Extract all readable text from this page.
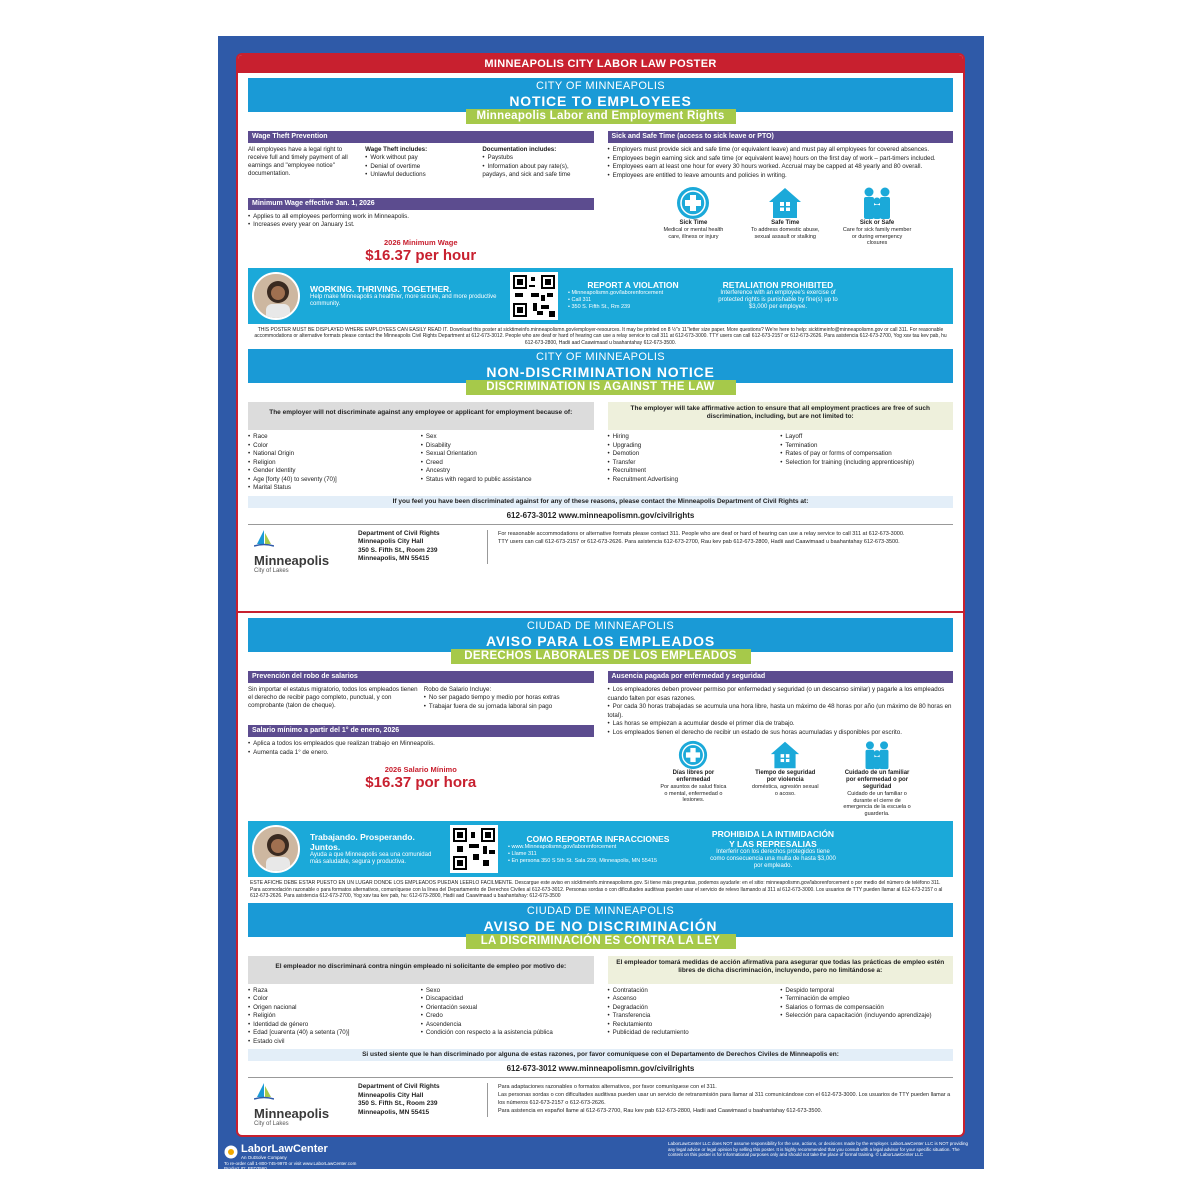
MINNEAPOLIS CITY LABOR LAW POSTER
CITY OF MINNEAPOLIS
NOTICE TO EMPLOYEES
Minneapolis Labor and Employment Rights
Wage Theft Prevention
All employees have a legal right to receive full and timely payment of all earnings and "employee notice" documentation.
Wage Theft includes:
• Work without pay
• Denial of overtime
• Unlawful deductions
Documentation includes:
• Paystubs
• Information about pay rate(s), paydays, and sick and safe time
Minimum Wage effective Jan. 1, 2026
• Applies to all employees performing work in Minneapolis.
• Increases every year on January 1st.
2026 Minimum Wage
$16.37 per hour
Sick and Safe Time (access to sick leave or PTO)
• Employers must provide sick and safe time (or equivalent leave) and must pay all employees for covered absences.
• Employees begin earning sick and safe time (or equivalent leave) hours on the first day of work – part-timers included.
• Employees earn at least one hour for every 30 hours worked. Accrual may be capped at 48 yearly and 80 overall.
• Employees are entitled to leave amounts and policies in writing.
Sick Time
Medical or mental health care, illness or injury
Safe Time
To address domestic abuse, sexual assault or stalking
Sick or Safe
Care for sick family member or during emergency closures
WORKING. THRIVING. TOGETHER.
Help make Minneapolis a healthier, more secure, and more productive community.
REPORT A VIOLATION
• Minneapolismn.gov/laborenforcement
• Call 311
• 350 S. Fifth St., Rm 239
RETALIATION PROHIBITED
Interference with an employee's exercise of protected rights is punishable by fine(s) up to $3,000 per employee.
THIS POSTER MUST BE DISPLAYED WHERE EMPLOYEES CAN EASILY READ IT. Download this poster at sicktimeinfo.minneapolismn.gov/employer-resources. It may be printed on 8 ½"x 11"letter size paper. More questions? We're here to help: sicktimeinfo@minneapolismn.gov or call 311. For reasonable accommodations or alternative formats please contact the Minneapolis Civil Rights Department at 612-673-3012. People who are deaf or hard of hearing can use a relay service to call 311 at 612-673-3000. TTY users can call 612-673-2157 or 612-673-2626. Para asistencia 612-673-2700, Yog xav tau kev pab, hu 612-673-2800, Hadii aad Caawimaad u baahantahay 612-673-3500.
CITY OF MINNEAPOLIS
NON-DISCRIMINATION NOTICE
DISCRIMINATION IS AGAINST THE LAW
The employer will not discriminate against any employee or applicant for employment because of:
• Race
• Color
• National Origin
• Religion
• Gender Identity
• Age [forty (40) to seventy (70)]
• Marital Status
• Sex
• Disability
• Sexual Orientation
• Creed
• Ancestry
• Status with regard to public assistance
The employer will take affirmative action to ensure that all employment practices are free of such discrimination, including, but are not limited to:
• Hiring
• Upgrading
• Demotion
• Transfer
• Recruitment
• Recruitment Advertising
• Layoff
• Termination
• Rates of pay or forms of compensation
• Selection for training (including apprenticeship)
If you feel you have been discriminated against for any of these reasons, please contact the Minneapolis Department of Civil Rights at:
612-673-3012 www.minneapolismn.gov/civilrights
Minneapolis
City of Lakes
Department of Civil Rights
Minneapolis City Hall
350 S. Fifth St., Room 239
Minneapolis, MN 55415
For reasonable accommodations or alternative formats please contact 311. People who are deaf or hard of hearing can use a relay service to call 311 at 612-673-3000.
TTY users can call 612-673-2157 or 612-673-2626. Para asistencia 612-673-2700, Rau kev pab 612-673-2800, Hadii aad Caawimaad u baahantahay 612-673-3500.
CIUDAD DE MINNEAPOLIS
AVISO PARA LOS EMPLEADOS
DERECHOS LABORALES DE LOS EMPLEADOS
Prevención del robo de salarios
Sin importar el estatus migratorio, todos los empleados tienen el derecho de recibir pago completo, punctual, y con comprobante (talon de cheque).
Robo de Salario Incluye:
• No ser pagado tiempo y medio por horas extras
• Trabajar fuera de su jornada laboral sin pago
Salario mínimo a partir del 1° de enero, 2026
• Aplica a todos los empleados que realizan trabajo en Minneapolis.
• Aumenta cada 1° de enero.
2026 Salario Mínimo
$16.37 por hora
Ausencia pagada por enfermedad y seguridad
• Los empleadores deben proveer permiso por enfermedad y seguridad (o un descanso similar) y pagarle a los empleados cuando falten por esas razones.
• Por cada 30 horas trabajadas se acumula una hora libre, hasta un máximo de 48 horas por año (un máximo de 80 horas en total).
• Las horas se empiezan a acumular desde el primer día de trabajo.
• Los empleados tienen el derecho de recibir un estado de sus horas acumuladas y disponibles por escrito.
Días libres por enfermedad
Por asuntos de salud física o mental, enfermedad o lesiones.
Tiempo de seguridad por violencia
doméstica, agresión sexual o acoso.
Cuidado de un familiar por enfermedad o por seguridad
Cuidado de un familiar o durante el cierre de emergencia de la escuela o guardería.
Trabajando. Prosperando. Juntos.
Ayuda a que Minneapolis sea una comunidad más saludable, segura y productiva.
COMO REPORTAR INFRACCIONES
• www.Minneapolismn.gov/laborenforcement
• Llame 311
• En persona 350 S 5th St. Sala 239, Minneapolis, MN 55415
PROHIBIDA LA INTIMIDACIÓN Y LAS REPRESALIAS
Interferir con los derechos protegidos tiene como consecuencia una multa de hasta $3,000 por empleado.
ESTE AFICHE DEBE ESTAR PUESTO EN UN LUGAR DONDE LOS EMPLEADOS PUEDAN LEERLO FACILMENTE. Descargue este aviso en sicktimeinfo.minneapolismn.gov. Si tiene más preguntas, podemos ayudarle: en el sitio: minneapolismn.gov/laborenforcement o por medio del número de teléfono 311. Para acomodación razonable o para formatos alternativos, comuníquese con la línea del Departamento de Derechos Civiles al 612-673-3012. Personas sordas o con dificultades auditivas pueden usar el servicio de relevo llamando al 311 al 612-673-3000. Los usuarios de TTY pueden llamar al 612-673-2157 o al 612-673-2626. Para asistencia 612-673-2700, Yog xav tau kev pab, hu: 612-673-2800, Hadii aad Caawimaad u baahantahay: 612-673-3500
CIUDAD DE MINNEAPOLIS
AVISO DE NO DISCRIMINACIÓN
LA DISCRIMINACIÓN ES CONTRA LA LEY
El empleador no discriminará contra ningún empleado ni solicitante de empleo por motivo de:
• Raza
• Color
• Origen nacional
• Religión
• Identidad de género
• Edad [cuarenta (40) a setenta (70)]
• Estado civil
• Sexo
• Discapacidad
• Orientación sexual
• Credo
• Ascendencia
• Condición con respecto a la asistencia pública
El empleador tomará medidas de acción afirmativa para asegurar que todas las prácticas de empleo estén libres de dicha discriminación, incluyendo, pero no limitándose a:
• Contratación
• Ascenso
• Degradación
• Transferencia
• Reclutamiento
• Publicidad de reclutamiento
• Despido temporal
• Terminación de empleo
• Salarios o formas de compensación
• Selección para capacitación (incluyendo aprendizaje)
Si usted siente que le han discriminado por alguna de estas razones, por favor comuníquese con el Departamento de Derechos Civiles de Minneapolis en:
612-673-3012 www.minneapolismn.gov/civilrights
Minneapolis
City of Lakes
Department of Civil Rights
Minneapolis City Hall
350 S. Fifth St., Room 239
Minneapolis, MN 55415
Para adaptaciones razonables o formatos alternativos, por favor comuníquese con el 311.
Las personas sordas o con dificultades auditivas pueden usar un servicio de retransmisión para llamar al 311 comunicándose con el 612-673-3000. Los usuarios de TTY pueden llamar a los números 612-673-2157 o 612-673-2626.
Para asistencia en español llame al 612-673-2700, Rau kev pab 612-673-2800, Hadii aad Caawimaad u baahantahay 612-673-3500.
LaborLawCenter
An OutSolve Company
To re-order call 1-800-745-9970 or visit www.LaborLawCenter.com
Product ID: FED3560
Revised 04/2026
LaborLawCenter LLC does NOT assume responsibility for the use, actions, or decisions made by the employer. LaborLawCenter LLC is NOT providing any legal advice or legal opinion by selling this poster. It is highly recommended that you consult with a legal advisor for your specific situation. The content on this poster is for informational purposes only and should not take the place of formal training. © LaborLawCenter LLC
